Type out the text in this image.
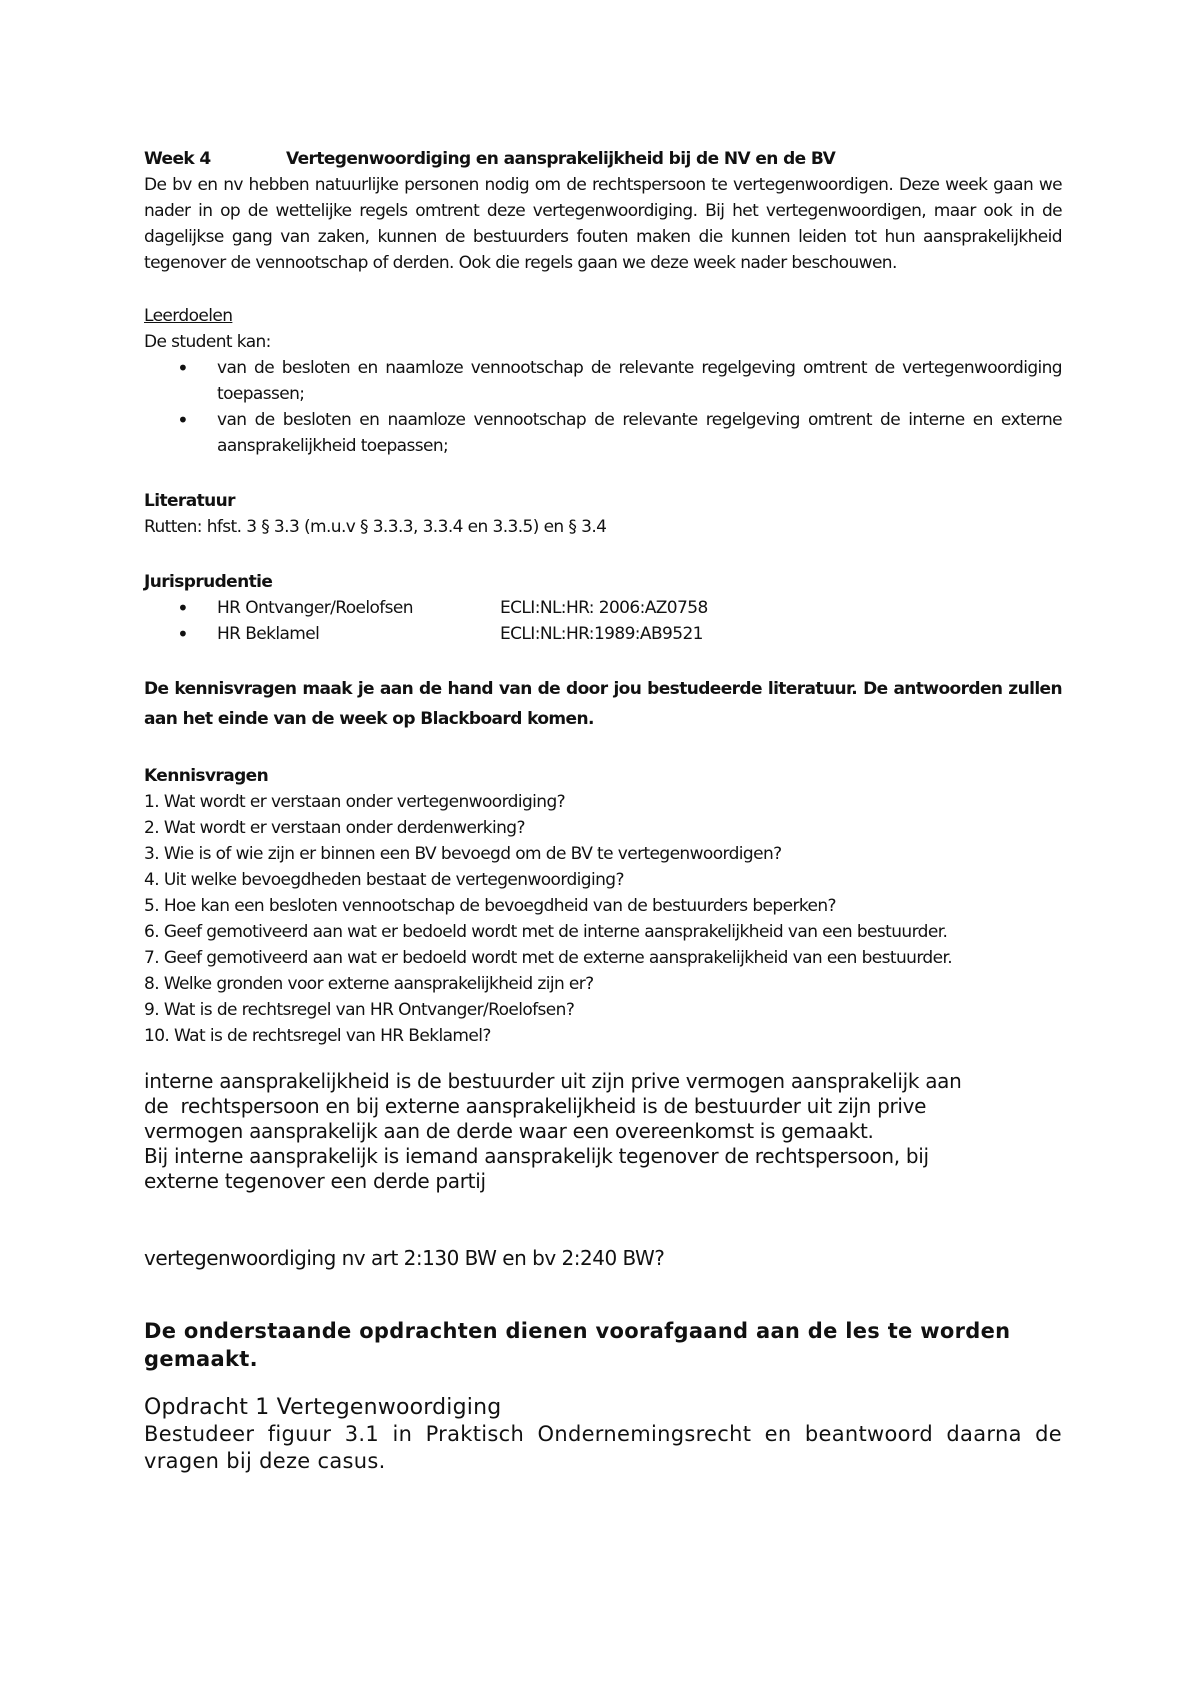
Week 4	Vertegenwoordiging en aansprakelijkheid bij de NV en de BV
De bv en nv hebben natuurlijke personen nodig om de rechtspersoon te vertegenwoordigen. Deze week gaan we nader in op de wettelijke regels omtrent deze vertegenwoordiging. Bij het vertegenwoordigen, maar ook in de dagelijkse gang van zaken, kunnen de bestuurders fouten maken die kunnen leiden tot hun aansprakelijkheid tegenover de vennootschap of derden. Ook die regels gaan we deze week nader beschouwen.
Leerdoelen
De student kan:
• van de besloten en naamloze vennootschap de relevante regelgeving omtrent de vertegenwoordiging toepassen;
• van de besloten en naamloze vennootschap de relevante regelgeving omtrent de interne en externe aansprakelijkheid toepassen;
Literatuur
Rutten: hfst. 3 § 3.3 (m.u.v § 3.3.3, 3.3.4 en 3.3.5) en § 3.4
Jurisprudentie
• HR Ontvanger/Roelofsen	ECLI:NL:HR: 2006:AZ0758
• HR Beklamel	ECLI:NL:HR:1989:AB9521
De kennisvragen maak je aan de hand van de door jou bestudeerde literatuur. De antwoorden zullen aan het einde van de week op Blackboard komen.
Kennisvragen
1. Wat wordt er verstaan onder vertegenwoordiging?
2. Wat wordt er verstaan onder derdenwerking?
3. Wie is of wie zijn er binnen een BV bevoegd om de BV te vertegenwoordigen?
4. Uit welke bevoegdheden bestaat de vertegenwoordiging?
5. Hoe kan een besloten vennootschap de bevoegdheid van de bestuurders beperken?
6. Geef gemotiveerd aan wat er bedoeld wordt met de interne aansprakelijkheid van een bestuurder.
7. Geef gemotiveerd aan wat er bedoeld wordt met de externe aansprakelijkheid van een bestuurder.
8. Welke gronden voor externe aansprakelijkheid zijn er?
9. Wat is de rechtsregel van HR Ontvanger/Roelofsen?
10. Wat is de rechtsregel van HR Beklamel?
interne aansprakelijkheid is de bestuurder uit zijn prive vermogen aansprakelijk aan
de  rechtspersoon en bij externe aansprakelijkheid is de bestuurder uit zijn prive
vermogen aansprakelijk aan de derde waar een overeenkomst is gemaakt.
Bij interne aansprakelijk is iemand aansprakelijk tegenover de rechtspersoon, bij
externe tegenover een derde partij
vertegenwoordiging nv art 2:130 BW en bv 2:240 BW?
De onderstaande opdrachten dienen voorafgaand aan de les te worden gemaakt.
Opdracht 1 Vertegenwoordiging
Bestudeer figuur 3.1 in Praktisch Ondernemingsrecht en beantwoord daarna de vragen bij deze casus.
